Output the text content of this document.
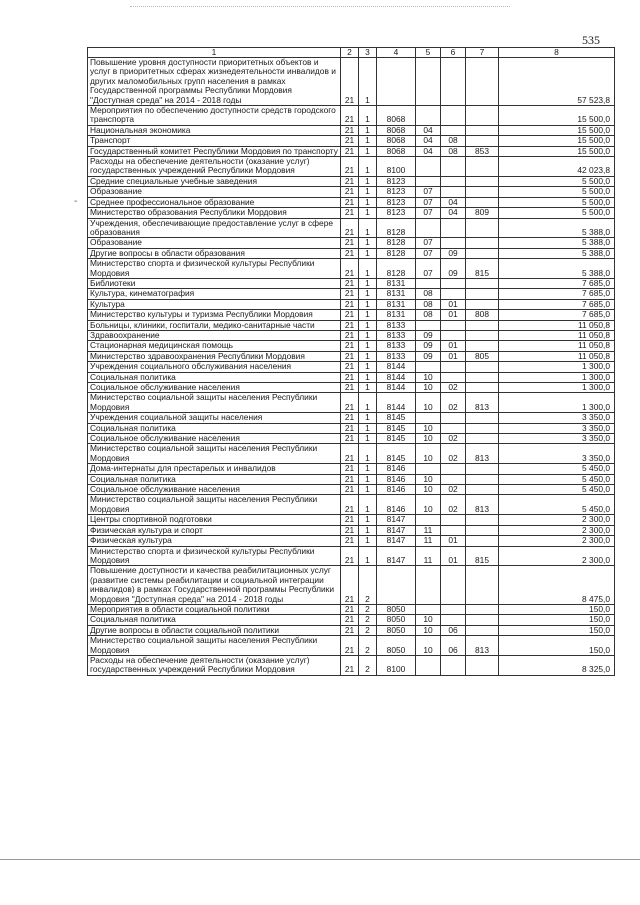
535
-
1	2	3	4	5	6	7	8
Повышение уровня доступности приоритетных объектов и услуг в приоритетных сферах жизнедеятельности инвалидов и других маломобильных групп населения в рамках Государственной программы Республики Мордовия "Доступная среда" на 2014 - 2018 годы	21	1					57 523,8
Мероприятия по обеспечению доступности средств городского транспорта	21	1	8068				15 500,0
Национальная экономика	21	1	8068	04			15 500,0
Транспорт	21	1	8068	04	08		15 500,0
Государственный комитет Республики Мордовия по транспорту	21	1	8068	04	08	853	15 500,0
Расходы на обеспечение деятельности (оказание услуг) государственных учреждений Республики Мордовия	21	1	8100				42 023,8
Средние специальные учебные заведения	21	1	8123				5 500,0
Образование	21	1	8123	07			5 500,0
Среднее профессиональное образование	21	1	8123	07	04		5 500,0
Министерство образования Республики Мордовия	21	1	8123	07	04	809	5 500,0
Учреждения, обеспечивающие предоставление услуг в сфере образования	21	1	8128				5 388,0
Образование	21	1	8128	07			5 388,0
Другие вопросы в области образования	21	1	8128	07	09		5 388,0
Министерство спорта и физической культуры Республики Мордовия	21	1	8128	07	09	815	5 388,0
Библиотеки	21	1	8131				7 685,0
Культура, кинематография	21	1	8131	08			7 685,0
Культура	21	1	8131	08	01		7 685,0
Министерство культуры и туризма Республики Мордовия	21	1	8131	08	01	808	7 685,0
Больницы, клиники, госпитали, медико-санитарные части	21	1	8133				11 050,8
Здравоохранение	21	1	8133	09			11 050,8
Стационарная медицинская помощь	21	1	8133	09	01		11 050,8
Министерство здравоохранения Республики Мордовия	21	1	8133	09	01	805	11 050,8
Учреждения социального обслуживания населения	21	1	8144				1 300,0
Социальная политика	21	1	8144	10			1 300,0
Социальное обслуживание населения	21	1	8144	10	02		1 300,0
Министерство социальной защиты населения Республики Мордовия	21	1	8144	10	02	813	1 300,0
Учреждения социальной защиты населения	21	1	8145				3 350,0
Социальная политика	21	1	8145	10			3 350,0
Социальное обслуживание населения	21	1	8145	10	02		3 350,0
Министерство социальной защиты населения Республики Мордовия	21	1	8145	10	02	813	3 350,0
Дома-интернаты для престарелых и инвалидов	21	1	8146				5 450,0
Социальная политика	21	1	8146	10			5 450,0
Социальное обслуживание населения	21	1	8146	10	02		5 450,0
Министерство социальной защиты населения Республики Мордовия	21	1	8146	10	02	813	5 450,0
Центры спортивной подготовки	21	1	8147				2 300,0
Физическая культура и спорт	21	1	8147	11			2 300,0
Физическая культура	21	1	8147	11	01		2 300,0
Министерство спорта и физической культуры Республики Мордовия	21	1	8147	11	01	815	2 300,0
Повышение доступности и качества реабилитационных услуг (развитие системы реабилитации и социальной интеграции инвалидов) в рамках Государственной программы Республики Мордовия "Доступная среда" на 2014 - 2018 годы	21	2					8 475,0
Мероприятия в области социальной политики	21	2	8050				150,0
Социальная политика	21	2	8050	10			150,0
Другие вопросы в области социальной политики	21	2	8050	10	06		150,0
Министерство социальной защиты населения Республики Мордовия	21	2	8050	10	06	813	150,0
Расходы на обеспечение деятельности (оказание услуг) государственных учреждений Республики Мордовия	21	2	8100				8 325,0
